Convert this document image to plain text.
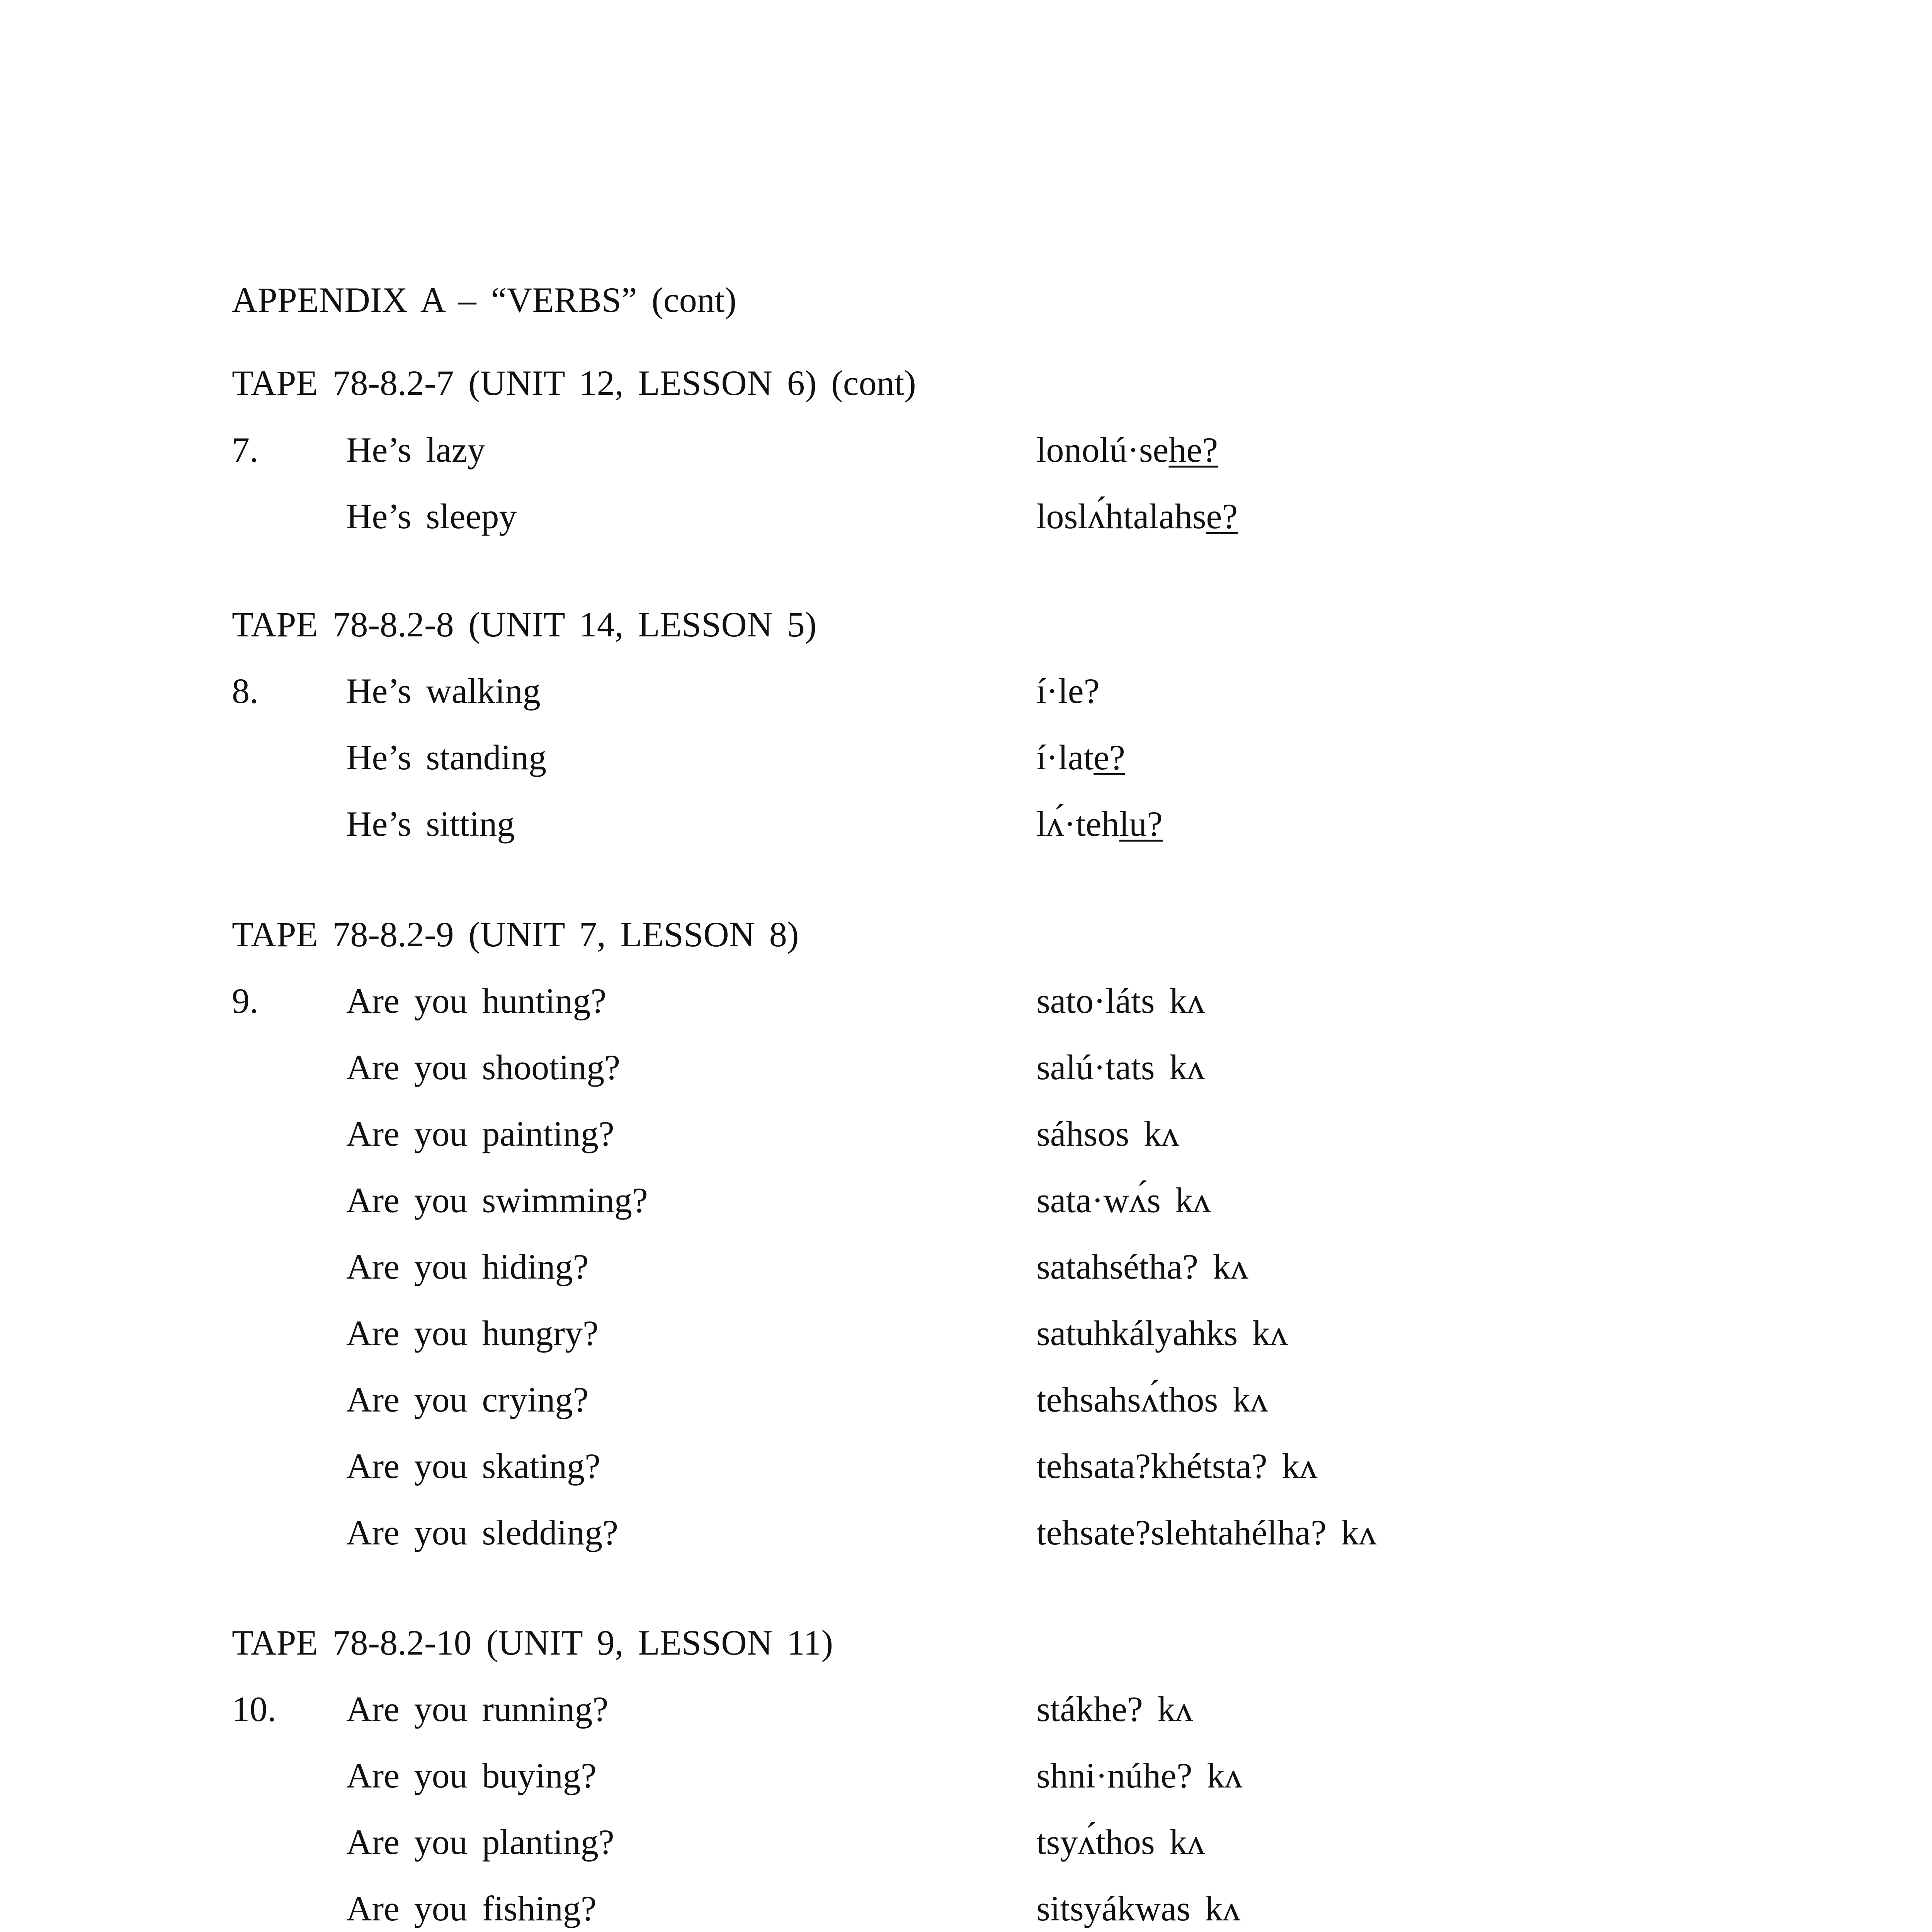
APPENDIX A – “VERBS” (cont)
TAPE 78-8.2-7 (UNIT 12, LESSON 6) (cont)
7. He’s lazy	lonolú·sehe?
He’s sleepy	loslʌ́htalahse?
TAPE 78-8.2-8 (UNIT 14, LESSON 5)
8. He’s walking	í·le?
He’s standing	í·late?
He’s sitting	lʌ́·tehlu?
TAPE 78-8.2-9 (UNIT 7, LESSON 8)
9. Are you hunting?	sato·láts kʌ
Are you shooting?	salú·tats kʌ
Are you painting?	sáhsos kʌ
Are you swimming?	sata·wʌ́s kʌ
Are you hiding?	satahsétha? kʌ
Are you hungry?	satuhkályahks kʌ
Are you crying?	tehsahsʌ́thos kʌ
Are you skating?	tehsata?khétsta? kʌ
Are you sledding?	tehsate?slehtahélha? kʌ
TAPE 78-8.2-10 (UNIT 9, LESSON 11)
10. Are you running?	stákhe? kʌ
Are you buying?	shni·núhe? kʌ
Are you planting?	tsyʌ́thos kʌ
Are you fishing?	sitsyákwas kʌ
